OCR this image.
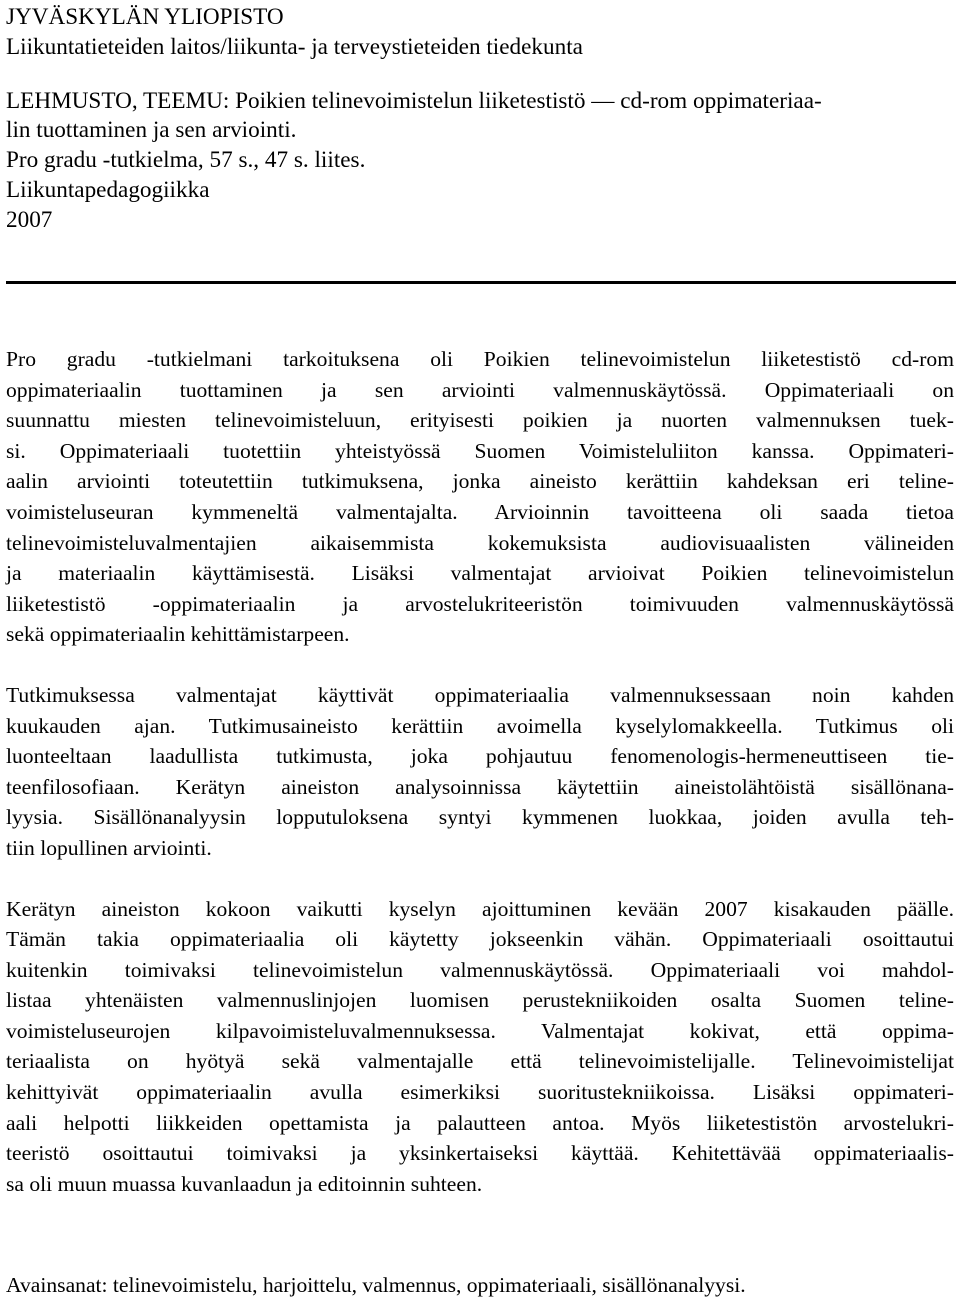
JYVÄSKYLÄN YLIOPISTO

Liikuntatieteiden laitos/liikunta- ja terveystieteiden tiedekunta

LEHMUSTO, TEEMU: Poikien telinevoimistelun liiketestistö — cd-rom oppimateriaa-

lin tuottaminen ja sen arviointi.

Pro gradu -tutkielma, 57 s., 47 s. liites.

Liikuntapedagogiikka

2007

Pro gradu -tutkielmani tarkoituksena oli Poikien telinevoimistelun liiketestistö cd-rom
oppimateriaalin tuottaminen ja sen arviointi valmennuskäytössä. Oppimateriaali on
suunnattu miesten telinevoimisteluun, erityisesti poikien ja nuorten valmennuksen tuek-
si. Oppimateriaali tuotettiin yhteistyössä Suomen Voimisteluliiton kanssa. Oppimateri-
aalin arviointi toteutettiin tutkimuksena, jonka aineisto kerättiin kahdeksan eri teline-
voimisteluseuran kymmeneltä valmentajalta. Arvioinnin tavoitteena oli saada tietoa
telinevoimisteluvalmentajien aikaisemmista kokemuksista audiovisuaalisten välineiden
ja materiaalin käyttämisestä. Lisäksi valmentajat arvioivat Poikien telinevoimistelun
liiketestistö -oppimateriaalin ja arvostelukriteeristön toimivuuden valmennuskäytössä
sekä oppimateriaalin kehittämistarpeen.

Tutkimuksessa valmentajat käyttivät oppimateriaalia valmennuksessaan noin kahden
kuukauden ajan. Tutkimusaineisto kerättiin avoimella kyselylomakkeella. Tutkimus oli
luonteeltaan laadullista tutkimusta, joka pohjautuu fenomenologis-hermeneuttiseen tie-
teenfilosofiaan. Kerätyn aineiston analysoinnissa käytettiin aineistolähtöistä sisällönana-
lyysia. Sisällönanalyysin lopputuloksena syntyi kymmenen luokkaa, joiden avulla teh-
tiin lopullinen arviointi.

Kerätyn aineiston kokoon vaikutti kyselyn ajoittuminen kevään 2007 kisakauden päälle.
Tämän takia oppimateriaalia oli käytetty jokseenkin vähän. Oppimateriaali osoittautui
kuitenkin toimivaksi telinevoimistelun valmennuskäytössä. Oppimateriaali voi mahdol-
listaa yhtenäisten valmennuslinjojen luomisen perustekniikoiden osalta Suomen teline-
voimisteluseurojen kilpavoimisteluvalmennuksessa. Valmentajat kokivat, että oppima-
teriaalista on hyötyä sekä valmentajalle että telinevoimistelijalle. Telinevoimistelijat
kehittyivät oppimateriaalin avulla esimerkiksi suoritustekniikoissa. Lisäksi oppimateri-
aali helpotti liikkeiden opettamista ja palautteen antoa. Myös liiketestistön arvostelukri-
teeristö osoittautui toimivaksi ja yksinkertaiseksi käyttää. Kehitettävää oppimateriaalis-
sa oli muun muassa kuvanlaadun ja editoinnin suhteen.

Avainsanat: telinevoimistelu, harjoittelu, valmennus, oppimateriaali, sisällönanalyysi.
